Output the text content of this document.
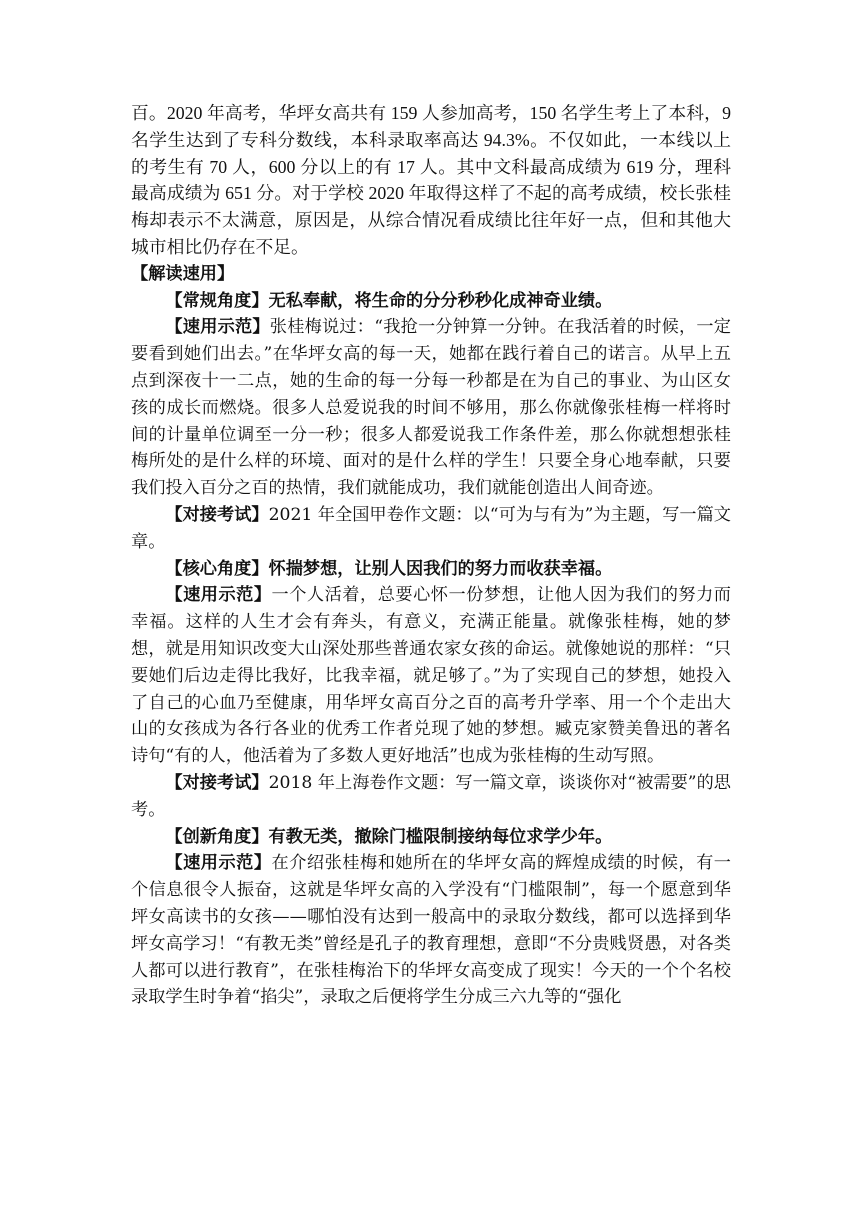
百。2020 年高考，华坪女高共有 159 人参加高考，150 名学生考上了本科，9 名学生达到了专科分数线，本科录取率高达 94.3%。不仅如此，一本线以上的考生有 70 人，600 分以上的有 17 人。其中文科最高成绩为 619 分，理科最高成绩为 651 分。对于学校 2020 年取得这样了不起的高考成绩，校长张桂梅却表示不太满意，原因是，从综合情况看成绩比往年好一点，但和其他大城市相比仍存在不足。

【解读速用】

【常规角度】无私奉献，将生命的分分秒秒化成神奇业绩。

【速用示范】张桂梅说过：“我抢一分钟算一分钟。在我活着的时候，一定要看到她们出去。”在华坪女高的每一天，她都在践行着自己的诺言。从早上五点到深夜十一二点，她的生命的每一分每一秒都是在为自己的事业、为山区女孩的成长而燃烧。很多人总爱说我的时间不够用，那么你就像张桂梅一样将时间的计量单位调至一分一秒；很多人都爱说我工作条件差，那么你就想想张桂梅所处的是什么样的环境、面对的是什么样的学生！只要全身心地奉献，只要我们投入百分之百的热情，我们就能成功，我们就能创造出人间奇迹。

【对接考试】2021 年全国甲卷作文题：以“可为与有为”为主题，写一篇文章。

【核心角度】怀揣梦想，让别人因我们的努力而收获幸福。

【速用示范】一个人活着，总要心怀一份梦想，让他人因为我们的努力而幸福。这样的人生才会有奔头，有意义，充满正能量。就像张桂梅，她的梦想，就是用知识改变大山深处那些普通农家女孩的命运。就像她说的那样：“只要她们后边走得比我好，比我幸福，就足够了。”为了实现自己的梦想，她投入了自己的心血乃至健康，用华坪女高百分之百的高考升学率、用一个个走出大山的女孩成为各行各业的优秀工作者兑现了她的梦想。臧克家赞美鲁迅的著名诗句“有的人，他活着为了多数人更好地活”也成为张桂梅的生动写照。

【对接考试】2018 年上海卷作文题：写一篇文章，谈谈你对“被需要”的思考。

【创新角度】有教无类，撤除门槛限制接纳每位求学少年。

【速用示范】在介绍张桂梅和她所在的华坪女高的辉煌成绩的时候，有一个信息很令人振奋，这就是华坪女高的入学没有“门槛限制”，每一个愿意到华坪女高读书的女孩——哪怕没有达到一般高中的录取分数线，都可以选择到华坪女高学习！“有教无类”曾经是孔子的教育理想，意即“不分贵贱贤愚，对各类人都可以进行教育”，在张桂梅治下的华坪女高变成了现实！今天的一个个名校录取学生时争着“掐尖”，录取之后便将学生分成三六九等的“强化
